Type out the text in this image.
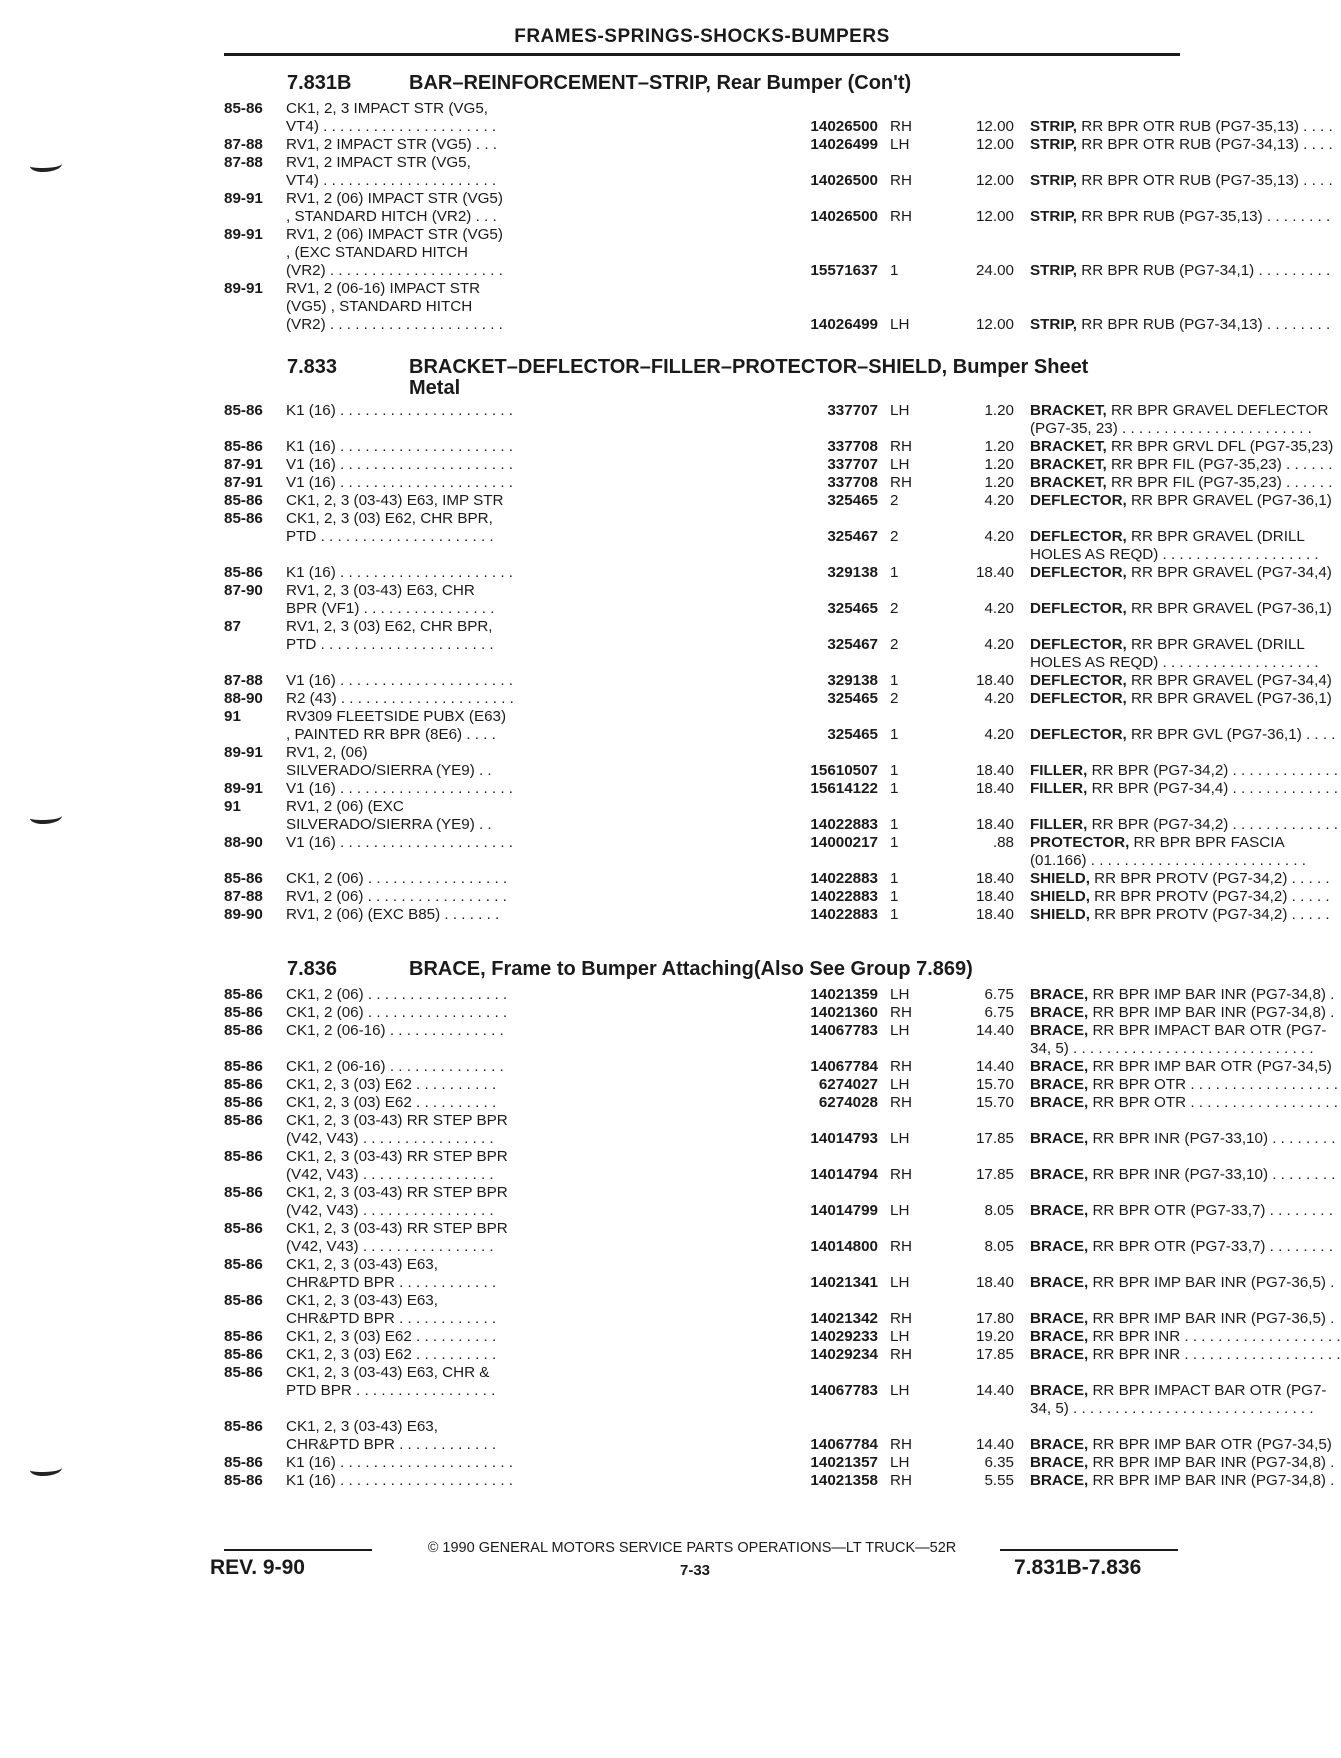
FRAMES-SPRINGS-SHOCKS-BUMPERS
7.831B	BAR–REINFORCEMENT–STRIP, Rear Bumper (Con't)
85-86 CK1, 2, 3 IMPACT STR (VG5,
VT4) . . . . . . . . . . . . . . . . . . . . .	14026500 RH	12.00 STRIP, RR BPR OTR RUB (PG7-35,13) . . . .
87-88 RV1, 2 IMPACT STR (VG5) . . .	14026499 LH	12.00 STRIP, RR BPR OTR RUB (PG7-34,13) . . . .
87-88 RV1, 2 IMPACT STR (VG5,
VT4) . . . . . . . . . . . . . . . . . . . . .	14026500 RH	12.00 STRIP, RR BPR OTR RUB (PG7-35,13) . . . .
89-91 RV1, 2 (06) IMPACT STR (VG5)
, STANDARD HITCH (VR2) . . .	14026500 RH	12.00 STRIP, RR BPR RUB (PG7-35,13) . . . . . . . .
89-91 RV1, 2 (06) IMPACT STR (VG5)
, (EXC STANDARD HITCH
(VR2) . . . . . . . . . . . . . . . . . . . . .	15571637 1	24.00 STRIP, RR BPR RUB (PG7-34,1) . . . . . . . . .
89-91 RV1, 2 (06-16) IMPACT STR
(VG5) , STANDARD HITCH
(VR2) . . . . . . . . . . . . . . . . . . . . .	14026499 LH	12.00 STRIP, RR BPR RUB (PG7-34,13) . . . . . . . .
7.833	BRACKET–DEFLECTOR–FILLER–PROTECTOR–SHIELD, Bumper Sheet
Metal
85-86 K1 (16) . . . . . . . . . . . . . . . . . . . . .	337707 LH	1.20 BRACKET, RR BPR GRAVEL DEFLECTOR
(PG7-35, 23) . . . . . . . . . . . . . . . . . . . . . . .
85-86 K1 (16) . . . . . . . . . . . . . . . . . . . . .	337708 RH	1.20 BRACKET, RR BPR GRVL DFL (PG7-35,23)
87-91 V1 (16) . . . . . . . . . . . . . . . . . . . . .	337707 LH	1.20 BRACKET, RR BPR FIL (PG7-35,23) . . . . . .
87-91 V1 (16) . . . . . . . . . . . . . . . . . . . . .	337708 RH	1.20 BRACKET, RR BPR FIL (PG7-35,23) . . . . . .
85-86 CK1, 2, 3 (03-43) E63, IMP STR	325465 2	4.20 DEFLECTOR, RR BPR GRAVEL (PG7-36,1)
85-86 CK1, 2, 3 (03) E62, CHR BPR,
PTD . . . . . . . . . . . . . . . . . . . . .	325467 2	4.20 DEFLECTOR, RR BPR GRAVEL (DRILL
HOLES AS REQD) . . . . . . . . . . . . . . . . . . .
85-86 K1 (16) . . . . . . . . . . . . . . . . . . . . .	329138 1	18.40 DEFLECTOR, RR BPR GRAVEL (PG7-34,4)
87-90 RV1, 2, 3 (03-43) E63, CHR
BPR (VF1) . . . . . . . . . . . . . . . .	325465 2	4.20 DEFLECTOR, RR BPR GRAVEL (PG7-36,1)
87	RV1, 2, 3 (03) E62, CHR BPR,
PTD . . . . . . . . . . . . . . . . . . . . .	325467 2	4.20 DEFLECTOR, RR BPR GRAVEL (DRILL
HOLES AS REQD) . . . . . . . . . . . . . . . . . . .
87-88 V1 (16) . . . . . . . . . . . . . . . . . . . . .	329138 1	18.40 DEFLECTOR, RR BPR GRAVEL (PG7-34,4)
88-90 R2 (43) . . . . . . . . . . . . . . . . . . . . .	325465 2	4.20 DEFLECTOR, RR BPR GRAVEL (PG7-36,1)
91	RV309 FLEETSIDE PUBX (E63)
, PAINTED RR BPR (8E6) . . . .	325465 1	4.20 DEFLECTOR, RR BPR GVL (PG7-36,1) . . . .
89-91 RV1, 2, (06)
SILVERADO/SIERRA (YE9) . .	15610507 1	18.40 FILLER, RR BPR (PG7-34,2) . . . . . . . . . . . . .
89-91 V1 (16) . . . . . . . . . . . . . . . . . . . . .	15614122 1	18.40 FILLER, RR BPR (PG7-34,4) . . . . . . . . . . . . .
91	RV1, 2 (06) (EXC
SILVERADO/SIERRA (YE9) . .	14022883 1	18.40 FILLER, RR BPR (PG7-34,2) . . . . . . . . . . . . .
88-90 V1 (16) . . . . . . . . . . . . . . . . . . . . .	14000217 1	.88 PROTECTOR, RR BPR BPR FASCIA
(01.166) . . . . . . . . . . . . . . . . . . . . . . . . . .
85-86 CK1, 2 (06) . . . . . . . . . . . . . . . . .	14022883 1	18.40 SHIELD, RR BPR PROTV (PG7-34,2) . . . . .
87-88 RV1, 2 (06) . . . . . . . . . . . . . . . . .	14022883 1	18.40 SHIELD, RR BPR PROTV (PG7-34,2) . . . . .
89-90 RV1, 2 (06) (EXC B85) . . . . . . .	14022883 1	18.40 SHIELD, RR BPR PROTV (PG7-34,2) . . . . .
7.836	BRACE, Frame to Bumper Attaching(Also See Group 7.869)
85-86 CK1, 2 (06) . . . . . . . . . . . . . . . . .	14021359 LH	6.75 BRACE, RR BPR IMP BAR INR (PG7-34,8) .
85-86 CK1, 2 (06) . . . . . . . . . . . . . . . . .	14021360 RH	6.75 BRACE, RR BPR IMP BAR INR (PG7-34,8) .
85-86 CK1, 2 (06-16) . . . . . . . . . . . . . .	14067783 LH	14.40 BRACE, RR BPR IMPACT BAR OTR (PG7-
34, 5) . . . . . . . . . . . . . . . . . . . . . . . . . . . . .
85-86 CK1, 2 (06-16) . . . . . . . . . . . . . .	14067784 RH	14.40 BRACE, RR BPR IMP BAR OTR (PG7-34,5)
85-86 CK1, 2, 3 (03) E62 . . . . . . . . . .	6274027 LH	15.70 BRACE, RR BPR OTR . . . . . . . . . . . . . . . . . .
85-86 CK1, 2, 3 (03) E62 . . . . . . . . . .	6274028 RH	15.70 BRACE, RR BPR OTR . . . . . . . . . . . . . . . . . .
85-86 CK1, 2, 3 (03-43) RR STEP BPR
(V42, V43) . . . . . . . . . . . . . . . .	14014793 LH	17.85 BRACE, RR BPR INR (PG7-33,10) . . . . . . . .
85-86 CK1, 2, 3 (03-43) RR STEP BPR
(V42, V43) . . . . . . . . . . . . . . . .	14014794 RH	17.85 BRACE, RR BPR INR (PG7-33,10) . . . . . . . .
85-86 CK1, 2, 3 (03-43) RR STEP BPR
(V42, V43) . . . . . . . . . . . . . . . .	14014799 LH	8.05 BRACE, RR BPR OTR (PG7-33,7) . . . . . . . .
85-86 CK1, 2, 3 (03-43) RR STEP BPR
(V42, V43) . . . . . . . . . . . . . . . .	14014800 RH	8.05 BRACE, RR BPR OTR (PG7-33,7) . . . . . . . .
85-86 CK1, 2, 3 (03-43) E63,
CHR&PTD BPR . . . . . . . . . . . .	14021341 LH	18.40 BRACE, RR BPR IMP BAR INR (PG7-36,5) .
85-86 CK1, 2, 3 (03-43) E63,
CHR&PTD BPR . . . . . . . . . . . .	14021342 RH	17.80 BRACE, RR BPR IMP BAR INR (PG7-36,5) .
85-86 CK1, 2, 3 (03) E62 . . . . . . . . . .	14029233 LH	19.20 BRACE, RR BPR INR . . . . . . . . . . . . . . . . . . .
85-86 CK1, 2, 3 (03) E62 . . . . . . . . . .	14029234 RH	17.85 BRACE, RR BPR INR . . . . . . . . . . . . . . . . . . .
85-86 CK1, 2, 3 (03-43) E63, CHR &
PTD BPR . . . . . . . . . . . . . . . . .	14067783 LH	14.40 BRACE, RR BPR IMPACT BAR OTR (PG7-
34, 5) . . . . . . . . . . . . . . . . . . . . . . . . . . . . .
85-86 CK1, 2, 3 (03-43) E63,
CHR&PTD BPR . . . . . . . . . . . .	14067784 RH	14.40 BRACE, RR BPR IMP BAR OTR (PG7-34,5)
85-86 K1 (16) . . . . . . . . . . . . . . . . . . . . .	14021357 LH	6.35 BRACE, RR BPR IMP BAR INR (PG7-34,8) .
85-86 K1 (16) . . . . . . . . . . . . . . . . . . . . .	14021358 RH	5.55 BRACE, RR BPR IMP BAR INR (PG7-34,8) .
© 1990 GENERAL MOTORS SERVICE PARTS OPERATIONS—LT TRUCK—52R
REV. 9-90	7-33	7.831B-7.836
